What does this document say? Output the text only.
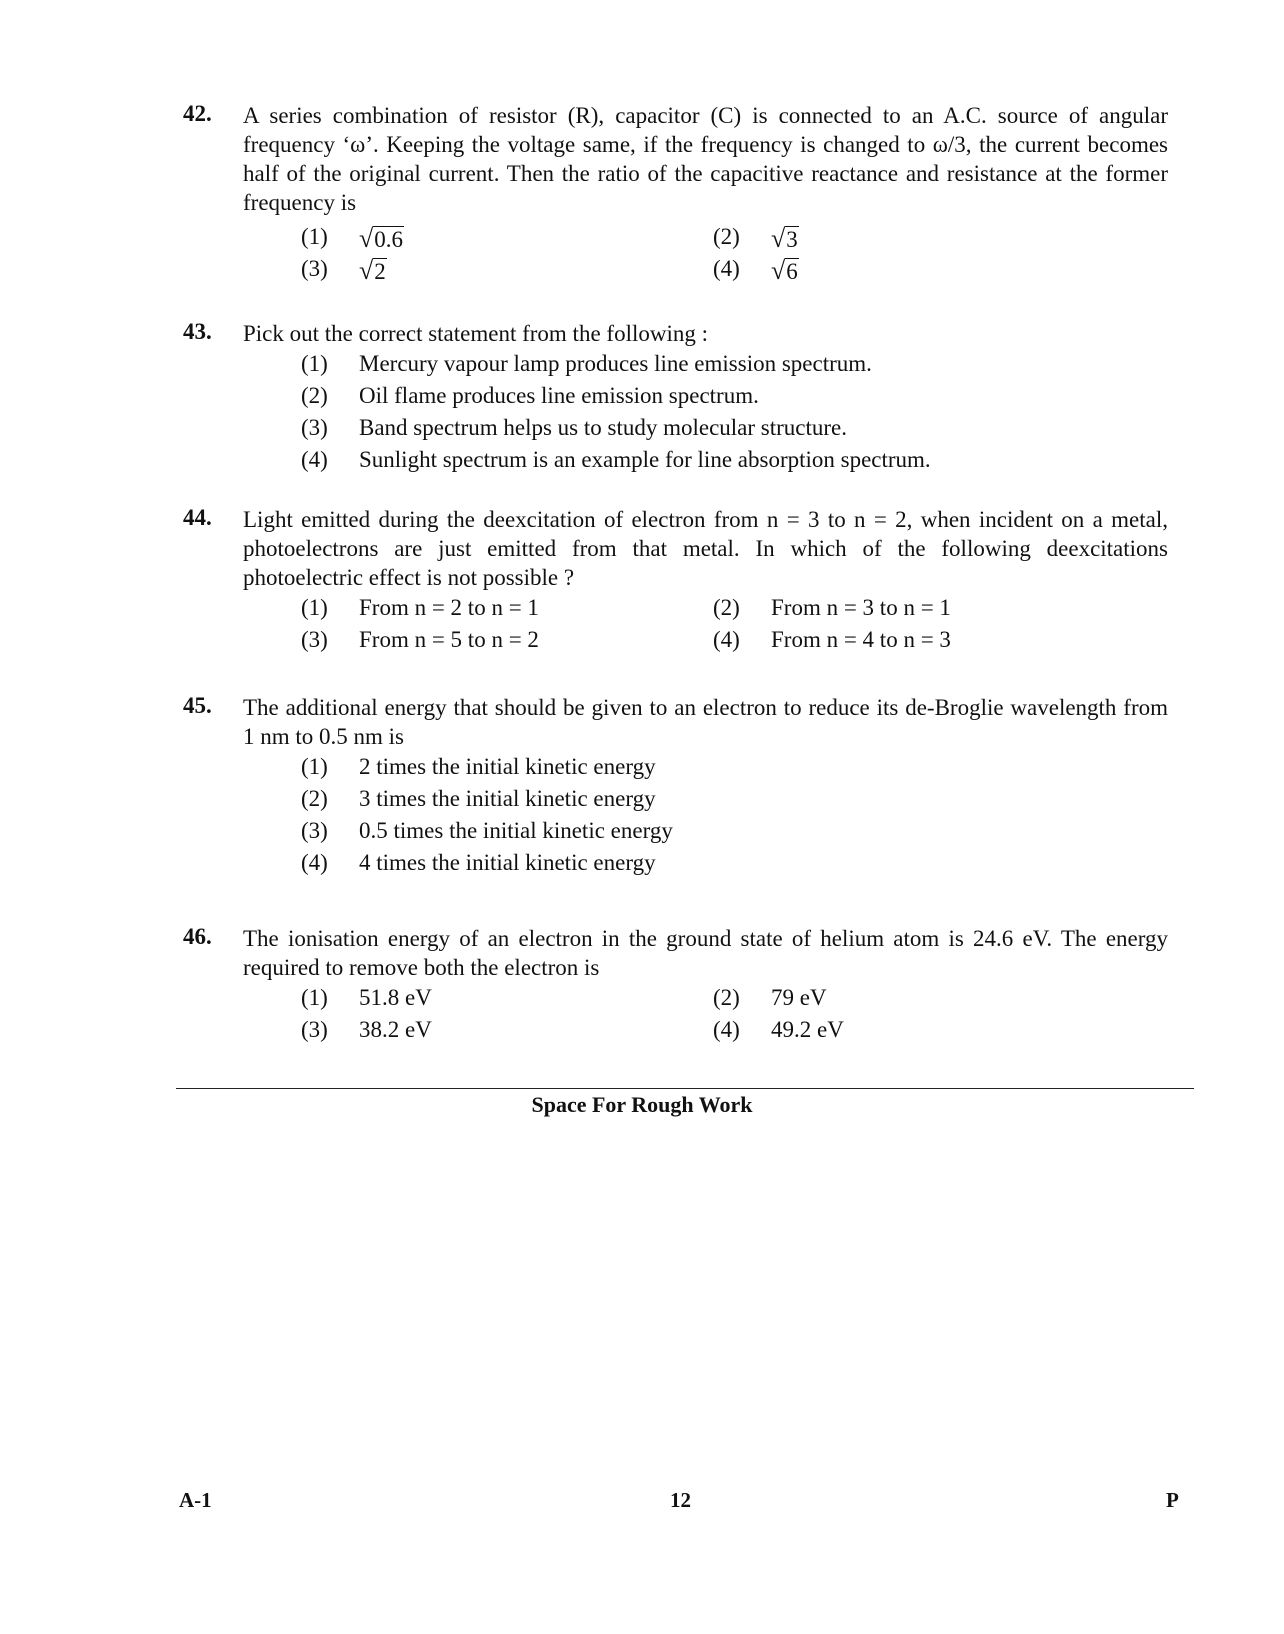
42. A series combination of resistor (R), capacitor (C) is connected to an A.C. source of angular frequency ‘ω’. Keeping the voltage same, if the frequency is changed to ω/3, the current becomes half of the original current. Then the ratio of the capacitive reactance and resistance at the former frequency is
(1)	√0.6	(2)	√3
(3)	√2	(4)	√6
43. Pick out the correct statement from the following :
(1)	Mercury vapour lamp produces line emission spectrum.
(2)	Oil flame produces line emission spectrum.
(3)	Band spectrum helps us to study molecular structure.
(4)	Sunlight spectrum is an example for line absorption spectrum.
44. Light emitted during the deexcitation of electron from n = 3 to n = 2, when incident on a metal, photoelectrons are just emitted from that metal. In which of the following deexcitations photoelectric effect is not possible ?
(1)	From n = 2 to n = 1	(2)	From n = 3 to n = 1
(3)	From n = 5 to n = 2	(4)	From n = 4 to n = 3
45. The additional energy that should be given to an electron to reduce its de-Broglie wavelength from 1 nm to 0.5 nm is
(1)	2 times the initial kinetic energy
(2)	3 times the initial kinetic energy
(3)	0.5 times the initial kinetic energy
(4)	4 times the initial kinetic energy
46. The ionisation energy of an electron in the ground state of helium atom is 24.6 eV. The energy required to remove both the electron is
(1)	51.8 eV	(2)	79 eV
(3)	38.2 eV	(4)	49.2 eV
Space For Rough Work
A-1	12	P
